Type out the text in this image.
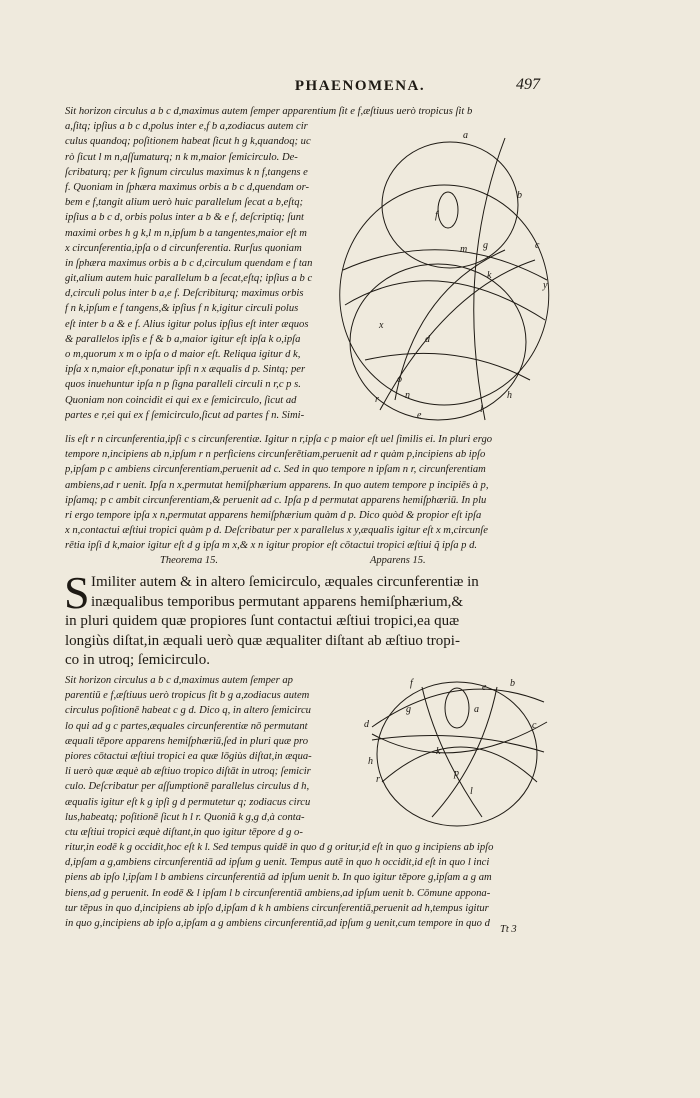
PHAENOMENA.	497
Sit horizon circulus a b c d,maximus autem ſemper apparentium ſit e f,æſtiuus uerò tropicus ſit b
a,ſitq; ipſius a b c d,polus inter e,f b a,zodiacus autem cir
culus quandoq; poſitionem habeat ſicut h g k,quandoq; uc
rò ſicut l m n,aſſumaturq; n k m,maior ſemicirculo. De-
ſcribaturq; per k ſignum circulus maximus k n f,tangens e
f. Quoniam in ſphæra maximus orbis a b c d,quendam or-
bem e f,tangit alium uerò huic parallelum ſecat a b,eſtq;
ipſius a b c d, orbis polus inter a b & e f, deſcriptiq; ſunt
maximi orbes h g k,l m n,ipſum b a tangentes,maior eſt m
x circunferentia,ipſa o d circunferentia. Rurſus quoniam
in ſphæra maximus orbis a b c d,circulum quendam e f tan
git,alium autem huic parallelum b a ſecat,eſtq; ipſius a b c
d,circuli polus inter b a,e f. Deſcribiturq; maximus orbis
f n k,ipſum e f tangens,& ipſius f n k,igitur circuli polus
eſt inter b a & e f. Alius igitur polus ipſius eſt inter æquos
& parallelos ipſis e f & b a,maior igitur eſt ipſa k o,ipſa
o m,quorum x m o ipſa o d maior eſt. Reliqua igitur d k,
ipſa x n,maior eſt,ponatur ipſi n x æqualis d p. Sintq; per
quos inuehuntur ipſa n p ſigna paralleli circuli n r,c p s.
Quoniam non coincidit ei qui ex e ſemicirculo, ſicut ad
partes e r,ei qui ex f ſemicirculo,ſicut ad partes f n. Simi-
a
b
c
f
g
m
x
d
o
n
r	h
e
l
k
y
lis eſt r n circunferentia,ipſi c s circunferentiæ. Igitur n r,ipſa c p maior eſt uel ſimilis ei. In pluri ergo
tempore n,incipiens ab n,ipſum r n perficiens circunferētiam,peruenit ad r quàm p,incipiens ab ipſo
p,ipſam p c ambiens circunferentiam,peruenit ad c. Sed in quo tempore n ipſam n r, circunferentiam
ambiens,ad r uenit. Ipſa n x,permutat hemiſphærium apparens. In quo autem tempore p incipiēs à p,
ipſamq; p c ambit circunferentiam,& peruenit ad c. Ipſa p d permutat apparens hemiſphæriū. In plu
ri ergo tempore ipſa x n,permutat apparens hemiſphærium quàm d p. Dico quòd & propior eſt ipſa
x n,contactui æſtiui tropici quàm p d. Deſcribatur per x parallelus x y,æqualis igitur eſt x m,circunſe
rētia ipſi d k,maior igitur eſt d g ipſa m x,& x n igitur propior eſt cōtactui tropici æſtiui q̃ ipſa p d.
Theorema 15.	Apparens 15.
S Imiliter autem & in altero ſemicirculo, æquales circunferentiæ in
inæqualibus temporibus permutant apparens hemiſphærium,&
in pluri quidem quæ propiores ſunt contactui æſtiui tropici,ea quæ
longiùs diſtat,in æquali uerò quæ æqualiter diſtant ab æſtiuo tropi-
co in utroq; ſemicirculo.
Sit horizon circulus a b c d,maximus autem ſemper ap
parentiū e f,æſtiuus uerò tropicus ſit b g a,zodiacus autem
circulus poſitionē habeat c g d. Dico q, in altero ſemicircu
lo qui ad g c partes,æquales circunferentiæ nō permutant
æquali tēpore apparens hemiſphæriū,ſed in pluri quæ pro
piores cōtactui æſtiui tropici ea quæ lōgiùs diſtat,in æqua-
li uerò quæ æquè ab æſtiuo tropico diſtāt in utroq; ſemicir
culo. Deſcribatur per aſſumptionē parallelus circulus d h,
æqualis igitur eſt k g ipſi g d permutetur q; zodiacus circu
lus,habeatq; poſitionē ſicut h l r. Quoniā k g,g d,à conta-
ctu æſtiui tropici æquè diſtant,in quo igitur tēpore d g o-
f	e b
g
d
k
h
r
p
l
c
a
ritur,in eodē k g occidit,hoc eſt k l. Sed tempus quidē in quo d g oritur,id eſt in quo g incipiens ab ipſo
d,ipſam a g,ambiens circunferentiā ad ipſum g uenit. Tempus autē in quo h occidit,id eſt in quo l inci
piens ab ipſo l,ipſam l b ambiens circunferentiā ad ipſum uenit b. In quo igitur tēpore g,ipſam a g am
biens,ad g peruenit. In eodē & l ipſam l b circunferentiā ambiens,ad ipſum uenit b. Cōmune appona-
tur tēpus in quo d,incipiens ab ipſo d,ipſam d k h ambiens circunferentiā,peruenit ad h,tempus igitur
in quo g,incipiens ab ipſo a,ipſam a g ambiens circunferentiā,ad ipſum g uenit,cum tempore in quo d
Tt 3
